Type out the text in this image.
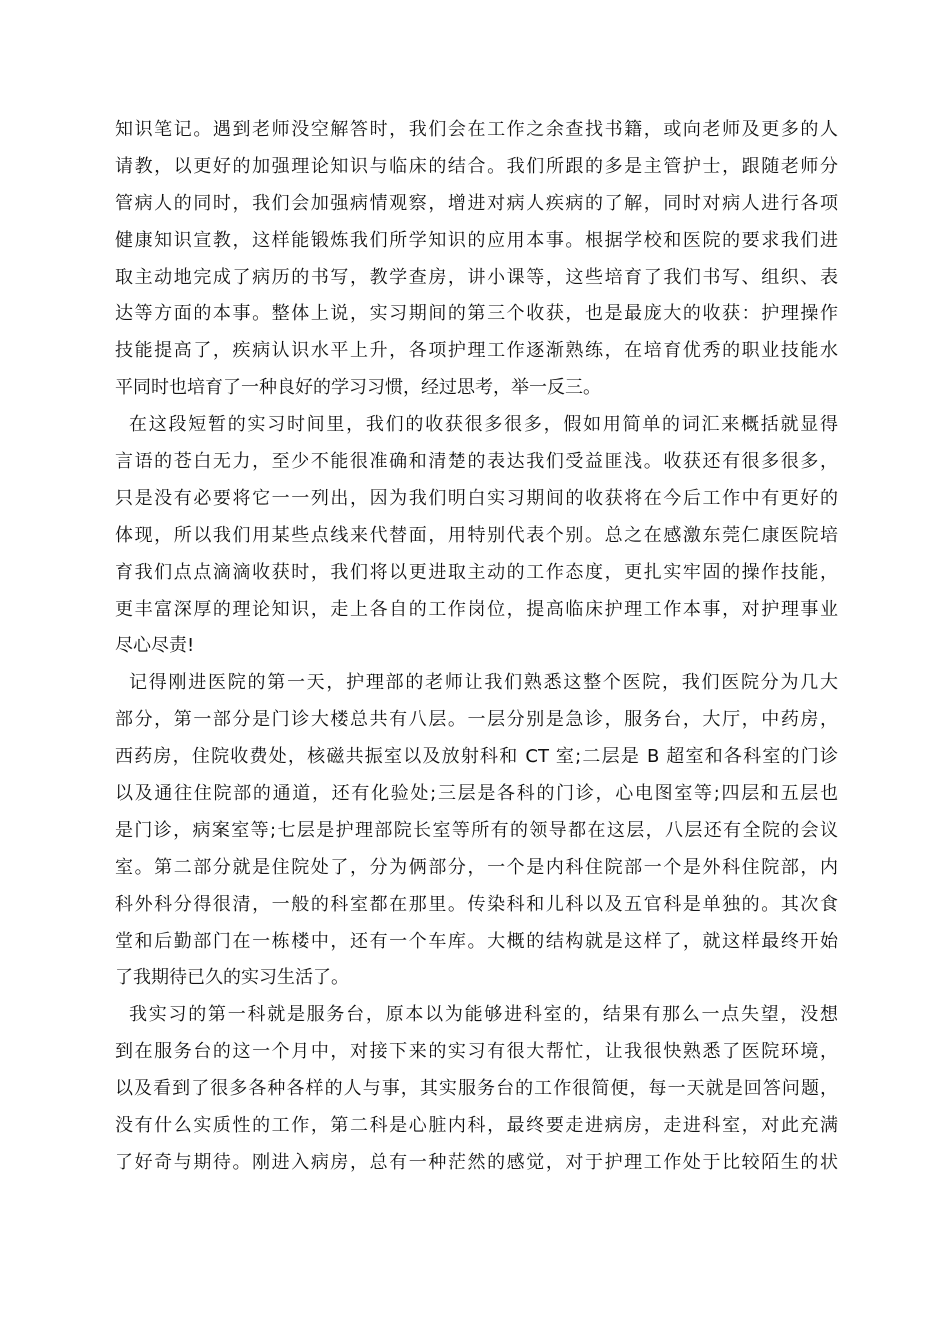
知识笔记。遇到老师没空解答时，我们会在工作之余查找书籍，或向老师及更多的人
请教，以更好的加强理论知识与临床的结合。我们所跟的多是主管护士，跟随老师分
管病人的同时，我们会加强病情观察，增进对病人疾病的了解，同时对病人进行各项
健康知识宣教，这样能锻炼我们所学知识的应用本事。根据学校和医院的要求我们进
取主动地完成了病历的书写，教学查房，讲小课等，这些培育了我们书写、组织、表
达等方面的本事。整体上说，实习期间的第三个收获，也是最庞大的收获：护理操作
技能提高了，疾病认识水平上升，各项护理工作逐渐熟练，在培育优秀的职业技能水
平同时也培育了一种良好的学习习惯，经过思考，举一反三。
在这段短暂的实习时间里，我们的收获很多很多，假如用简单的词汇来概括就显得
言语的苍白无力，至少不能很准确和清楚的表达我们受益匪浅。收获还有很多很多，
只是没有必要将它一一列出，因为我们明白实习期间的收获将在今后工作中有更好的
体现，所以我们用某些点线来代替面，用特别代表个别。总之在感激东莞仁康医院培
育我们点点滴滴收获时，我们将以更进取主动的工作态度，更扎实牢固的操作技能，
更丰富深厚的理论知识，走上各自的工作岗位，提高临床护理工作本事，对护理事业
尽心尽责!
记得刚进医院的第一天，护理部的老师让我们熟悉这整个医院，我们医院分为几大
部分，第一部分是门诊大楼总共有八层。一层分别是急诊，服务台，大厅，中药房，
西药房，住院收费处，核磁共振室以及放射科和 CT 室;二层是 B 超室和各科室的门诊
以及通往住院部的通道，还有化验处;三层是各科的门诊，心电图室等;四层和五层也
是门诊，病案室等;七层是护理部院长室等所有的领导都在这层，八层还有全院的会议
室。第二部分就是住院处了，分为俩部分，一个是内科住院部一个是外科住院部，内
科外科分得很清，一般的科室都在那里。传染科和儿科以及五官科是单独的。其次食
堂和后勤部门在一栋楼中，还有一个车库。大概的结构就是这样了，就这样最终开始
了我期待已久的实习生活了。
我实习的第一科就是服务台，原本以为能够进科室的，结果有那么一点失望，没想
到在服务台的这一个月中，对接下来的实习有很大帮忙，让我很快熟悉了医院环境，
以及看到了很多各种各样的人与事，其实服务台的工作很简便，每一天就是回答问题，
没有什么实质性的工作，第二科是心脏内科，最终要走进病房，走进科室，对此充满
了好奇与期待。刚进入病房，总有一种茫然的感觉，对于护理工作处于比较陌生的状
